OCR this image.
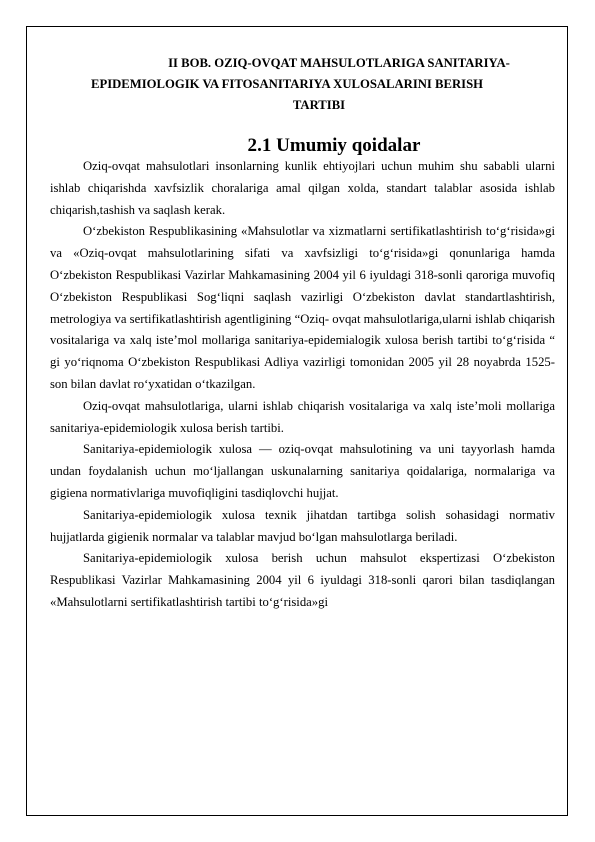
II BOB. OZIQ-OVQAT MAHSULOTLARIGA SANITARIYA-
EPIDEMIOLOGIK VA FITOSANITARIYA XULOSALARINI BERISH
TARTIBI
2.1 Umumiy qoidalar

Oziq-ovqat mahsulotlari insonlarning kunlik ehtiyojlari uchun muhim shu sababli ularni ishlab chiqarishda xavfsizlik choralariga amal qilgan xolda, standart talablar asosida ishlab chiqarish,tashish va saqlash kerak.

O‘zbekiston Respublikasining «Mahsulotlar va xizmatlarni sertifikatlashtirish to‘g‘risida»gi va «Oziq-ovqat mahsulotlarining sifati va xavfsizligi to‘g‘risida»gi qonunlariga hamda O‘zbekiston Respublikasi Vazirlar Mahkamasining 2004 yil 6 iyuldagi 318-sonli qaroriga muvofiq O‘zbekiston Respublikasi Sog‘liqni saqlash vazirligi O‘zbekiston davlat standartlashtirish, metrologiya va sertifikatlashtirish agentligining “Oziq- ovqat mahsulotlariga,ularni ishlab chiqarish vositalariga va xalq iste’mol mollariga sanitariya-epidemialogik xulosa berish tartibi to‘g‘risida “ gi yo‘riqnoma O‘zbekiston Respublikasi Adliya vazirligi tomonidan 2005 yil 28 noyabrda 1525-son bilan davlat ro‘yxatidan o‘tkazilgan.

Oziq-ovqat mahsulotlariga, ularni ishlab chiqarish vositalariga va xalq iste’moli mollariga sanitariya-epidemiologik xulosa berish tartibi.

Sanitariya-epidemiologik xulosa — oziq-ovqat mahsulotining va uni tayyorlash hamda undan foydalanish uchun mo‘ljallangan uskunalarning sanitariya qoidalariga, normalariga va gigiena normativlariga muvofiqligini tasdiqlovchi hujjat.

Sanitariya-epidemiologik xulosa texnik jihatdan tartibga solish sohasidagi normativ hujjatlarda gigienik normalar va talablar mavjud bo‘lgan mahsulotlarga beriladi.

Sanitariya-epidemiologik xulosa berish uchun mahsulot ekspertizasi O‘zbekiston Respublikasi Vazirlar Mahkamasining 2004 yil 6 iyuldagi 318-sonli qarori bilan tasdiqlangan «Mahsulotlarni sertifikatlashtirish tartibi to‘g‘risida»gi
